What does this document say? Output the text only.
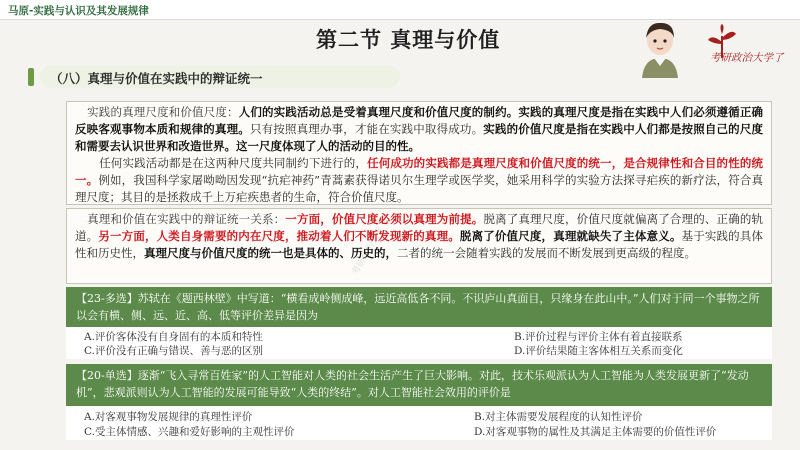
马原-实践与认识及其发展规律
第二节 真理与价值
考研政治大学了
（八）真理与价值在实践中的辩证统一

实践的真理尺度和价值尺度：人们的实践活动总是受着真理尺度和价值尺度的制约。实践的真理尺度是指在实践中人们必须遵循正确反映客观事物本质和规律的真理。只有按照真理办事，才能在实践中取得成功。实践的价值尺度是指在实践中人们都是按照自己的尺度和需要去认识世界和改造世界。这一尺度体现了人的活动的目的性。

任何实践活动都是在这两种尺度共同制约下进行的，任何成功的实践都是真理尺度和价值尺度的统一，是合规律性和合目的性的统一。例如，我国科学家屠呦呦因发现“抗疟神药”青蒿素获得诺贝尔生理学或医学奖，她采用科学的实验方法探寻疟疾的新疗法，符合真理尺度；其目的是拯救成千上万疟疾患者的生命，符合价值尺度。

真理和价值在实践中的辩证统一关系：一方面，价值尺度必须以真理为前提。脱离了真理尺度，价值尺度就偏离了合理的、正确的轨道。另一方面，人类自身需要的内在尺度，推动着人们不断发现新的真理。脱离了价值尺度，真理就缺失了主体意义。基于实践的具体性和历史性，真理尺度与价值尺度的统一也是具体的、历史的，二者的统一会随着实践的发展而不断发展到更高级的程度。

【23-多选】苏轼在《题西林壁》中写道：“横看成岭侧成峰，远近高低各不同。不识庐山真面目，只缘身在此山中。”人们对于同一个事物之所以会有横、侧、远、近、高、低等评价差异是因为
A.评价客体没有自身固有的本质和特性	B.评价过程与评价主体有着直接联系
C.评价没有正确与错误、善与恶的区别	D.评价结果随主客体相互关系而变化
【20-单选】逐渐“飞入寻常百姓家”的人工智能对人类的社会生活产生了巨大影响。对此，技术乐观派认为人工智能为人类发展更新了“发动机”，悲观派则认为人工智能的发展可能导致“人类的终结”。对人工智能社会效用的评价是
A.对客观事物发展规律的真理性评价	B.对主体需要发展程度的认知性评价
C.受主体情感、兴趣和爱好影响的主观性评价	D.对客观事物的属性及其满足主体需要的价值性评价
考研政治大学了
